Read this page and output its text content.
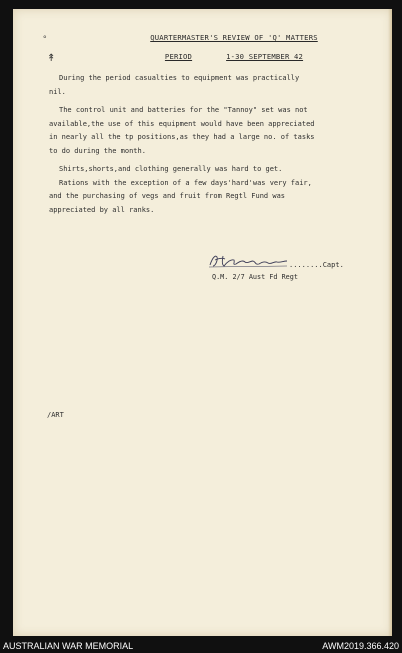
°
↟
QUARTERMASTER'S REVIEW OF 'Q' MATTERS
PERIOD	1-30 SEPTEMBER 42

During the period casualties to equipment was practically
nil.

The control unit and batteries for the "Tannoy" set was not
available,the use of this equipment would have been appreciated
in nearly all the tp positions,as they had a large no. of tasks
to do during the month.

Shirts,shorts,and clothing generally was hard to get.

Rations with the exception of a few days'hard'was very fair,
and the purchasing of vegs and fruit from Regtl Fund was
appreciated by all ranks.

........Capt.
Q.M. 2/7 Aust Fd Regt
/ART
AUSTRALIAN WAR MEMORIAL	AWM2019.366.420
